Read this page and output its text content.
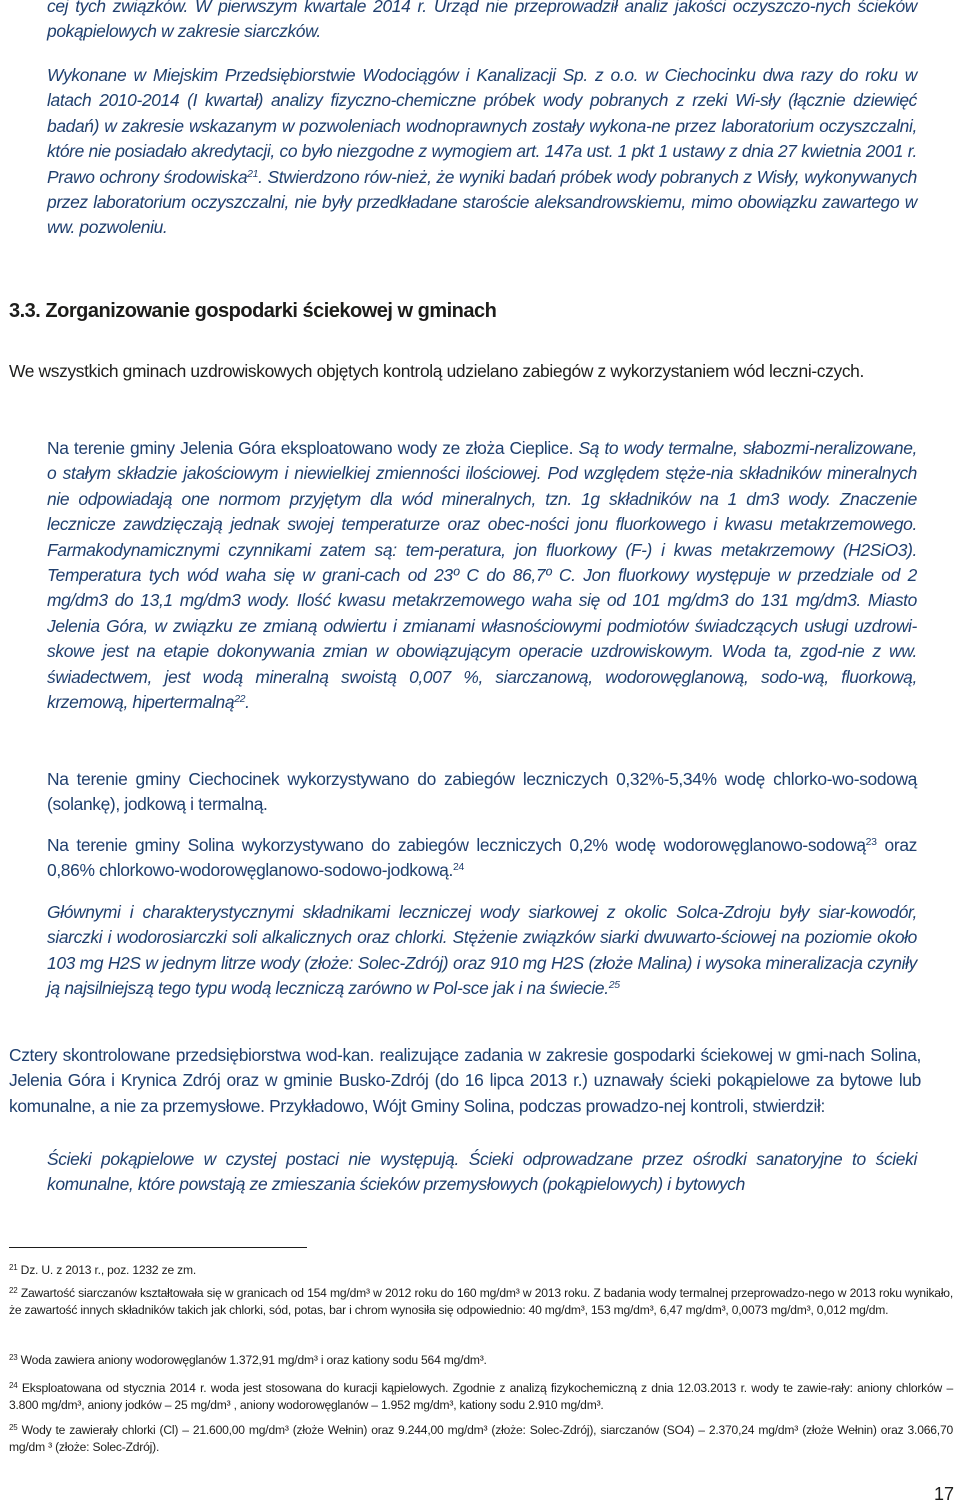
cej tych związków. W pierwszym kwartale 2014 r. Urząd nie przeprowadził analiz jakości oczyszczo-nych ścieków pokąpielowych w zakresie siarczków.

Wykonane w Miejskim Przedsiębiorstwie Wodociągów i Kanalizacji Sp. z o.o. w Ciechocinku dwa razy do roku w latach 2010-2014 (I kwartał) analizy fizyczno-chemiczne próbek wody pobranych z rzeki Wi-sły (łącznie dziewięć badań) w zakresie wskazanym w pozwoleniach wodnoprawnych zostały wykona-ne przez laboratorium oczyszczalni, które nie posiadało akredytacji, co było niezgodne z wymogiem art. 147a ust. 1 pkt 1 ustawy z dnia 27 kwietnia 2001 r. Prawo ochrony środowiska$^{21}$. Stwierdzono rów-nież, że wyniki badań próbek wody pobranych z Wisły, wykonywanych przez laboratorium oczyszczalni, nie były przedkładane staroście aleksandrowskiemu, mimo obowiązku zawartego w ww. pozwoleniu.

3.3. Zorganizowanie gospodarki ściekowej w gminach

We wszystkich gminach uzdrowiskowych objętych kontrolą udzielano zabiegów z wykorzystaniem wód leczni-czych.

Na terenie gminy Jelenia Góra eksploatowano wody ze złoża Cieplice. Są to wody termalne, słabozmi-neralizowane, o stałym składzie jakościowym i niewielkiej zmienności ilościowej. Pod względem stęże-nia składników mineralnych nie odpowiadają one normom przyjętym dla wód mineralnych, tzn. 1g składników na 1 dm3 wody. Znaczenie lecznicze zawdzięczają jednak swojej temperaturze oraz obec-ności jonu fluorkowego i kwasu metakrzemowego. Farmakodynamicznymi czynnikami zatem są: tem-peratura, jon fluorkowy (F-) i kwas metakrzemowy (H2SiO3). Temperatura tych wód waha się w grani-cach od 23º C do 86,7º C. Jon fluorkowy występuje w przedziale od 2 mg/dm3 do 13,1 mg/dm3 wody. Ilość kwasu metakrzemowego waha się od 101 mg/dm3 do 131 mg/dm3. Miasto Jelenia Góra, w związku ze zmianą odwiertu i zmianami własnościowymi podmiotów świadczących usługi uzdrowi-skowe jest na etapie dokonywania zmian w obowiązującym operacie uzdrowiskowym. Woda ta, zgod-nie z ww. świadectwem, jest wodą mineralną swoistą 0,007 %, siarczanową, wodorowęglanową, sodo-wą, fluorkową, krzemową, hipertermalną$^{22}$.

Na terenie gminy Ciechocinek wykorzystywano do zabiegów leczniczych 0,32%-5,34% wodę chlorko-wo-sodową (solankę), jodkową i termalną.

Na terenie gminy Solina wykorzystywano do zabiegów leczniczych 0,2% wodę wodorowęglanowo-sodową$^{23}$ oraz 0,86% chlorkowo-wodorowęglanowo-sodowo-jodkową.$^{24}$

Głównymi i charakterystycznymi składnikami leczniczej wody siarkowej z okolic Solca-Zdroju były siar-kowodór, siarczki i wodorosiarczki soli alkalicznych oraz chlorki. Stężenie związków siarki dwuwarto-ściowej na poziomie około 103 mg H2S w jednym litrze wody (złoże: Solec-Zdrój) oraz 910 mg H2S (złoże Malina) i wysoka mineralizacja czyniły ją najsilniejszą tego typu wodą leczniczą zarówno w Pol-sce jak i na świecie.$^{25}$

Cztery skontrolowane przedsiębiorstwa wod-kan. realizujące zadania w zakresie gospodarki ściekowej w gmi-nach Solina, Jelenia Góra i Krynica Zdrój oraz w gminie Busko-Zdrój (do 16 lipca 2013 r.) uznawały ścieki pokąpielowe za bytowe lub komunalne, a nie za przemysłowe. Przykładowo, Wójt Gminy Solina, podczas prowadzo-nej kontroli, stwierdził:

Ścieki pokąpielowe w czystej postaci nie występują. Ścieki odprowadzane przez ośrodki sanatoryjne to ścieki komunalne, które powstają ze zmieszania ścieków przemysłowych (pokąpielowych) i bytowych

$^{21}$ Dz. U. z 2013 r., poz. 1232 ze zm.

$^{22}$ Zawartość siarczanów kształtowała się w granicach od 154 mg/dm³ w 2012 roku do 160 mg/dm³ w 2013 roku. Z badania wody termalnej przeprowadzo-nego w 2013 roku wynikało, że zawartość innych składników takich jak chlorki, sód, potas, bar i chrom wynosiła się odpowiednio: 40 mg/dm³, 153 mg/dm³, 6,47 mg/dm³, 0,0073 mg/dm³, 0,012 mg/dm.

$^{23}$ Woda zawiera aniony wodorowęglanów 1.372,91 mg/dm³ i oraz kationy sodu 564 mg/dm³.

$^{24}$ Eksploatowana od stycznia 2014 r. woda jest stosowana do kuracji kąpielowych. Zgodnie z analizą fizykochemiczną z dnia 12.03.2013 r. wody te zawie-rały: aniony chlorków – 3.800 mg/dm³, aniony jodków – 25 mg/dm³ , aniony wodorowęglanów – 1.952 mg/dm³, kationy sodu 2.910 mg/dm³.

$^{25}$ Wody te zawierały chlorki (Cl) – 21.600,00 mg/dm³ (złoże Wełnin) oraz 9.244,00 mg/dm³ (złoże: Solec-Zdrój), siarczanów (SO4) – 2.370,24 mg/dm³ (złoże Wełnin) oraz 3.066,70 mg/dm ³ (złoże: Solec-Zdrój).

17
